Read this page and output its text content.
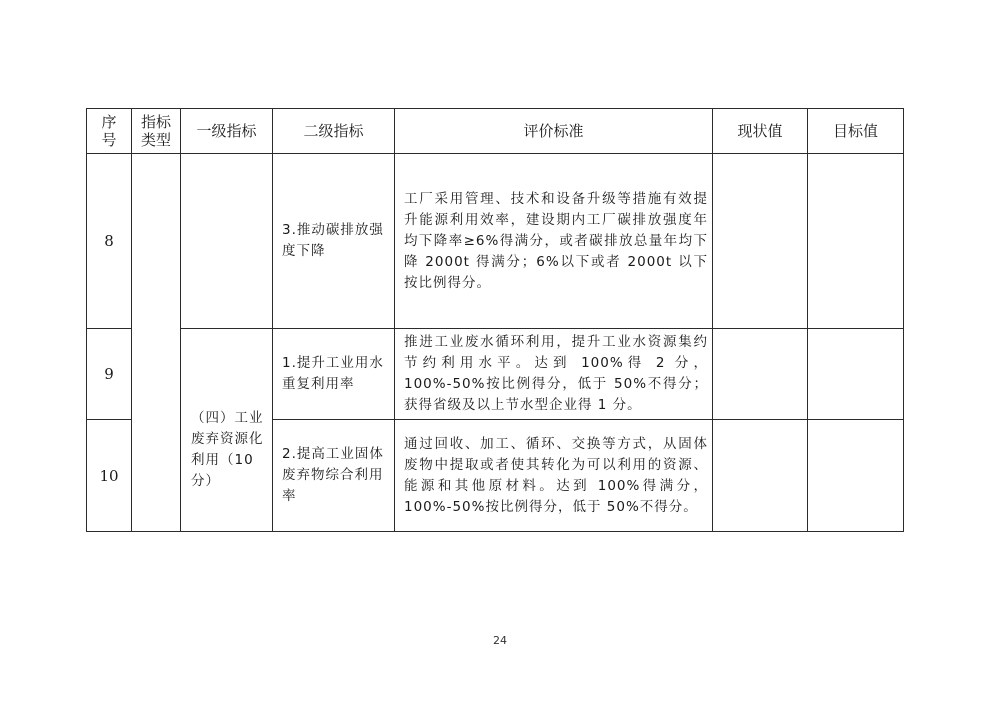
序号	指标类型	一级指标	二级指标	评价标准	现状值	目标值
8			3.推动碳排放强度下降	工厂采用管理、技术和设备升级等措施有效提升能源利用效率，建设期内工厂碳排放强度年均下降率≥6%得满分，或者碳排放总量年均下降 2000t 得满分；6%以下或者 2000t 以下按比例得分。		
9		（四）工业废弃资源化利用（10分）	1.提升工业用水重复利用率	推进工业废水循环利用，提升工业水资源集约节约利用水平。达到 100%得 2 分，100%-50%按比例得分，低于 50%不得分；获得省级及以上节水型企业得 1 分。		
10			2.提高工业固体废弃物综合利用率	通过回收、加工、循环、交换等方式，从固体废物中提取或者使其转化为可以利用的资源、能源和其他原材料。达到 100%得满分，100%-50%按比例得分，低于 50%不得分。		
24
